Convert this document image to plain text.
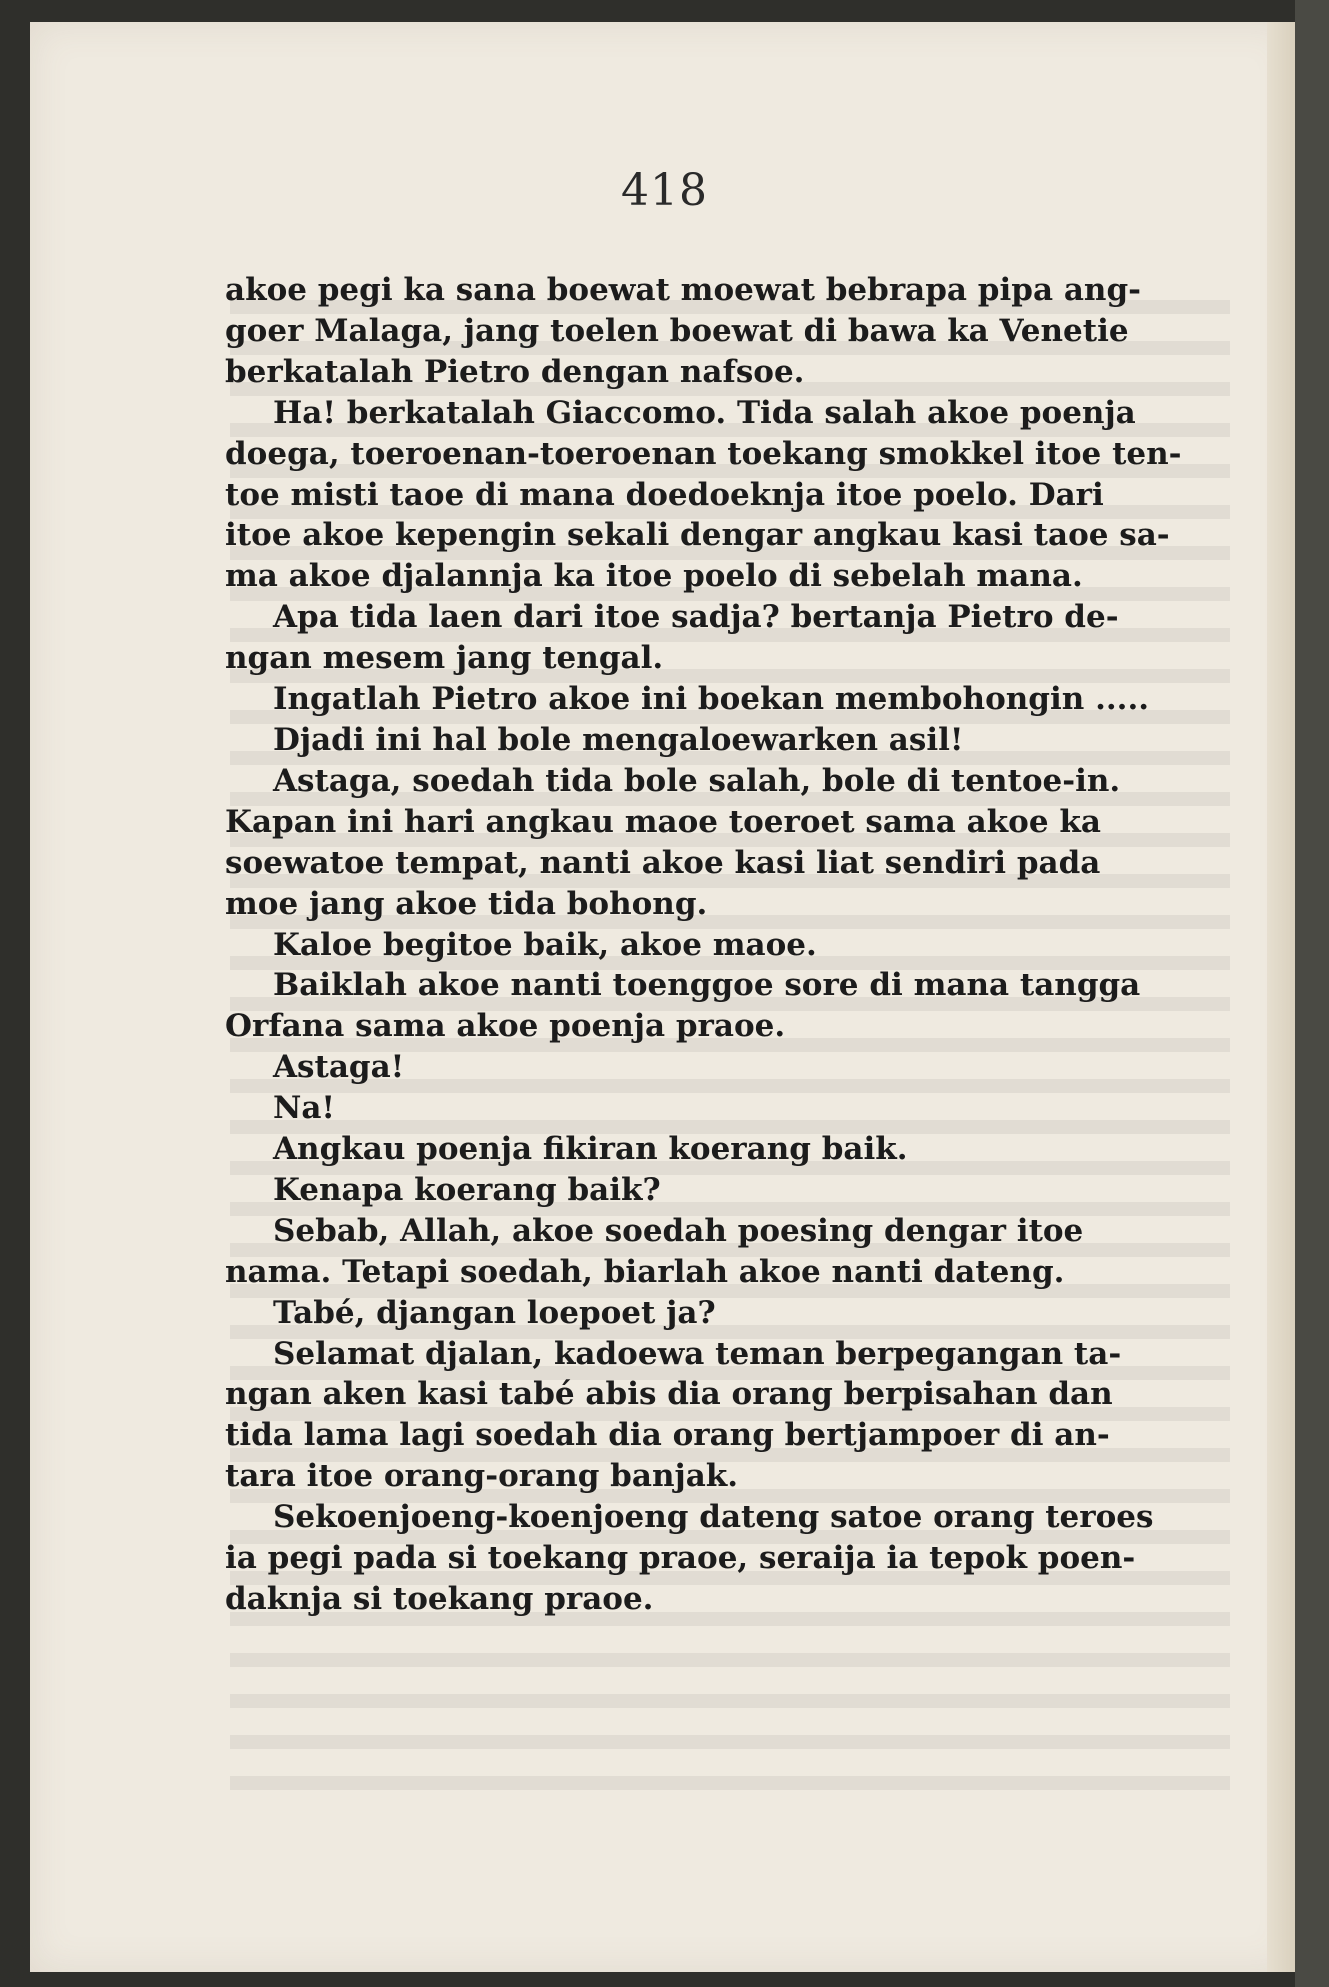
418
akoe pegi ka sana boewat moewat bebrapa pipa ang-
goer Malaga, jang toelen boewat di bawa ka Venetie
berkatalah Pietro dengan nafsoe.
Ha! berkatalah Giaccomo. Tida salah akoe poenja
doega, toeroenan-toeroenan toekang smokkel itoe ten-
toe misti taoe di mana doedoeknja itoe poelo. Dari
itoe akoe kepengin sekali dengar angkau kasi taoe sa-
ma akoe djalannja ka itoe poelo di sebelah mana.
Apa tida laen dari itoe sadja? bertanja Pietro de-
ngan mesem jang tengal.
Ingatlah Pietro akoe ini boekan membohongin .....
Djadi ini hal bole mengaloewarken asil!
Astaga, soedah tida bole salah, bole di tentoe-in.
Kapan ini hari angkau maoe toeroet sama akoe ka
soewatoe tempat, nanti akoe kasi liat sendiri pada
moe jang akoe tida bohong.
Kaloe begitoe baik, akoe maoe.
Baiklah akoe nanti toenggoe sore di mana tangga
Orfana sama akoe poenja praoe.
Astaga!
Na!
Angkau poenja fikiran koerang baik.
Kenapa koerang baik?
Sebab, Allah, akoe soedah poesing dengar itoe
nama. Tetapi soedah, biarlah akoe nanti dateng.
Tabé, djangan loepoet ja?
Selamat djalan, kadoewa teman berpegangan ta-
ngan aken kasi tabé abis dia orang berpisahan dan
tida lama lagi soedah dia orang bertjampoer di an-
tara itoe orang-orang banjak.
Sekoenjoeng-koenjoeng dateng satoe orang teroes
ia pegi pada si toekang praoe, seraija ia tepok poen-
daknja si toekang praoe.
